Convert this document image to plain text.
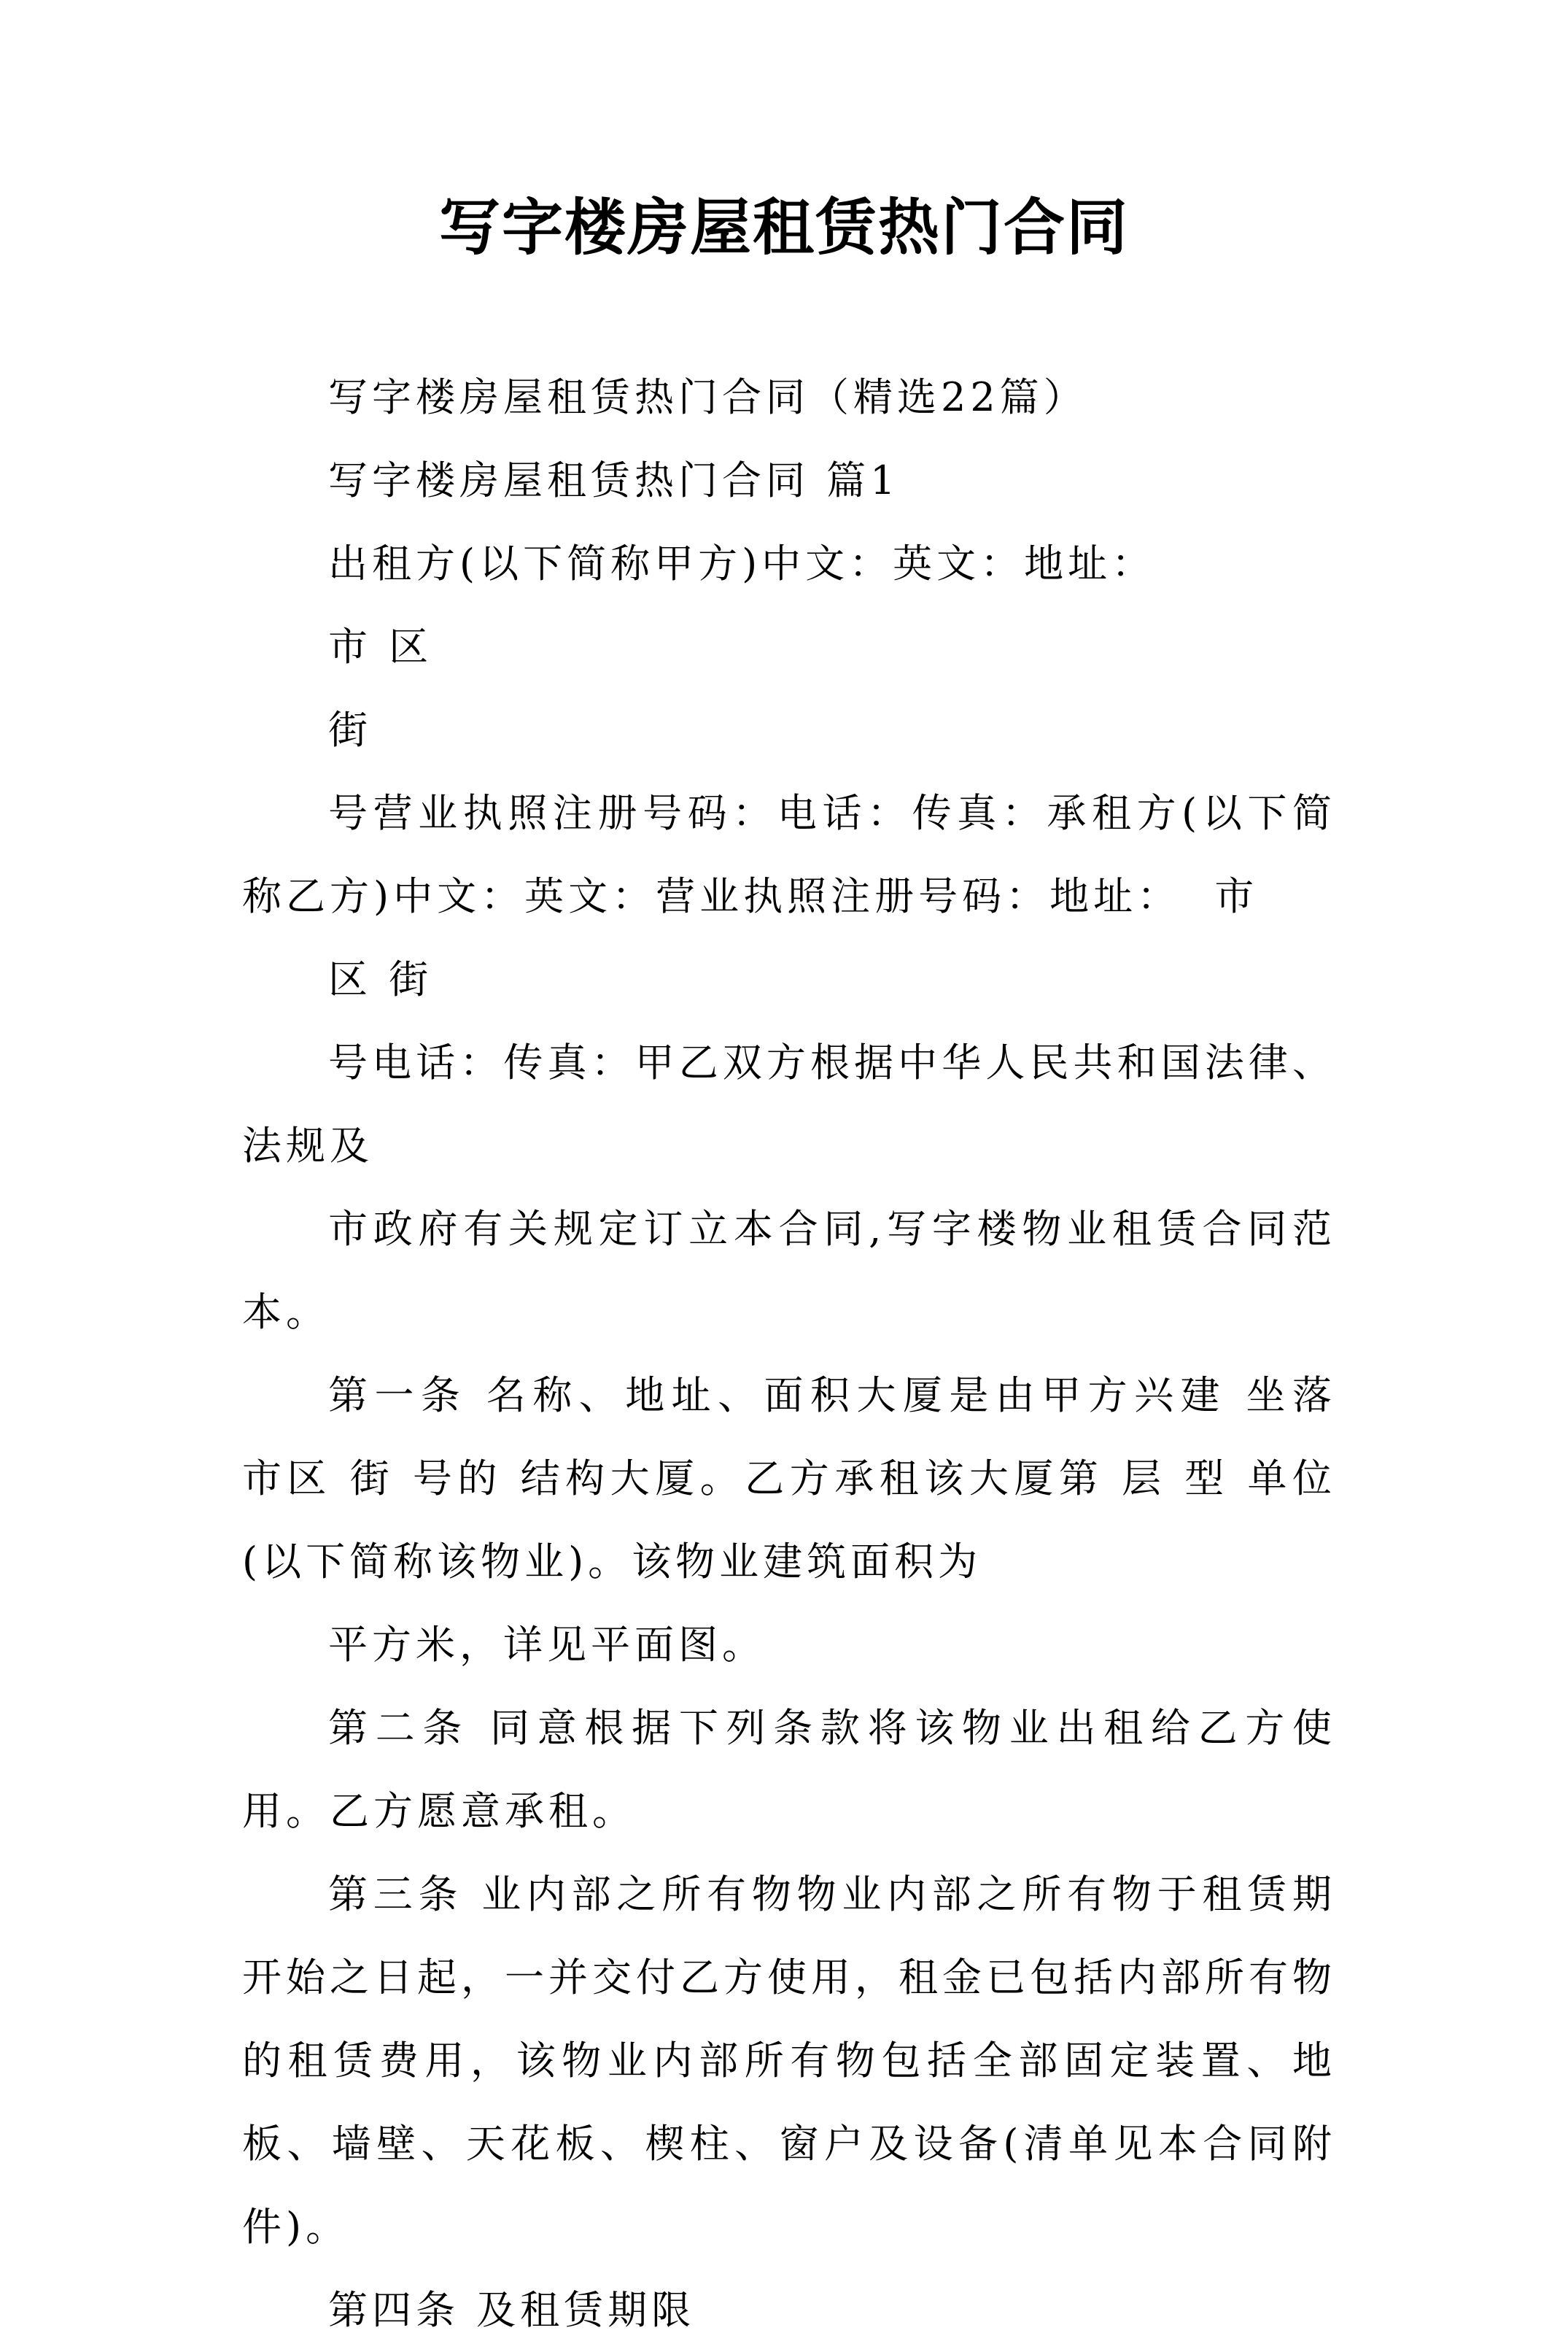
写字楼房屋租赁热门合同

写字楼房屋租赁热门合同（精选22篇）

写字楼房屋租赁热门合同 篇1

出租方(以下简称甲方)中文：英文：地址：

市 区

街

号营业执照注册号码：电话：传真：承租方(以下简称乙方)中文：英文：营业执照注册号码：地址：  市

区 街

号电话：传真：甲乙双方根据中华人民共和国法律、法规及

市政府有关规定订立本合同,写字楼物业租赁合同范本。

第一条 名称、地址、面积大厦是由甲方兴建 坐落 市区 街 号的 结构大厦。乙方承租该大厦第 层 型 单位(以下简称该物业)。该物业建筑面积为

平方米，详见平面图。

第二条 同意根据下列条款将该物业出租给乙方使用。乙方愿意承租。

第三条 业内部之所有物物业内部之所有物于租赁期开始之日起，一并交付乙方使用，租金已包括内部所有物的租赁费用，该物业内部所有物包括全部固定装置、地板、墙壁、天花板、楔柱、窗户及设备(清单见本合同附件)。

第四条 及租赁期限
